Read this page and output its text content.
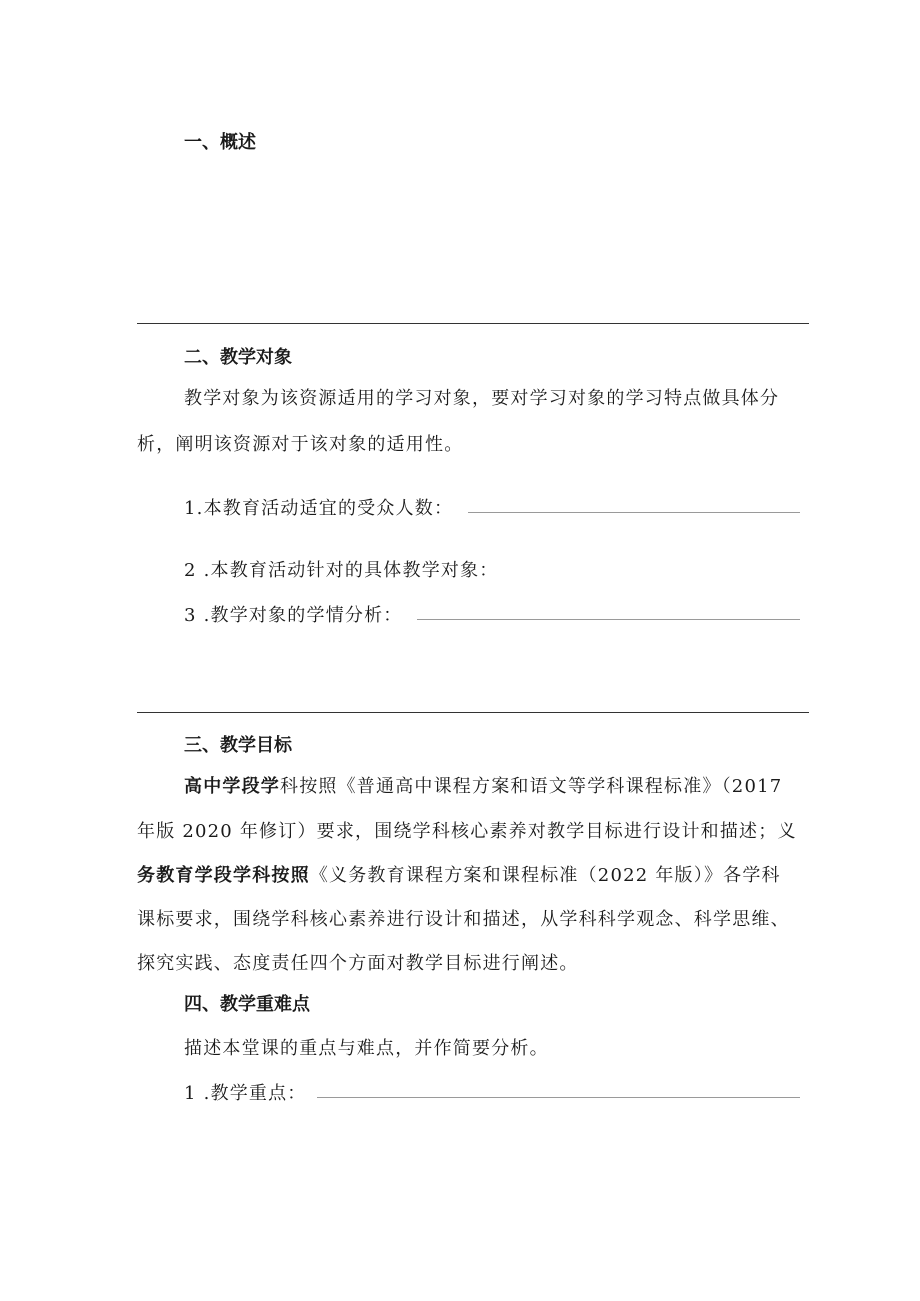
一、概述
二、教学对象
教学对象为该资源适用的学习对象，要对学习对象的学习特点做具体分
析，阐明该资源对于该对象的适用性。
1.本教育活动适宜的受众人数：
2 .本教育活动针对的具体教学对象：
3 .教学对象的学情分析：
三、教学目标
高中学段学科按照《普通高中课程方案和语文等学科课程标准》（2017
年版 2020 年修订）要求，围绕学科核心素养对教学目标进行设计和描述；义
务教育学段学科按照《义务教育课程方案和课程标准（2022 年版）》各学科
课标要求，围绕学科核心素养进行设计和描述，从学科科学观念、科学思维、
探究实践、态度责任四个方面对教学目标进行阐述。
四、教学重难点
描述本堂课的重点与难点，并作简要分析。
1 .教学重点：
